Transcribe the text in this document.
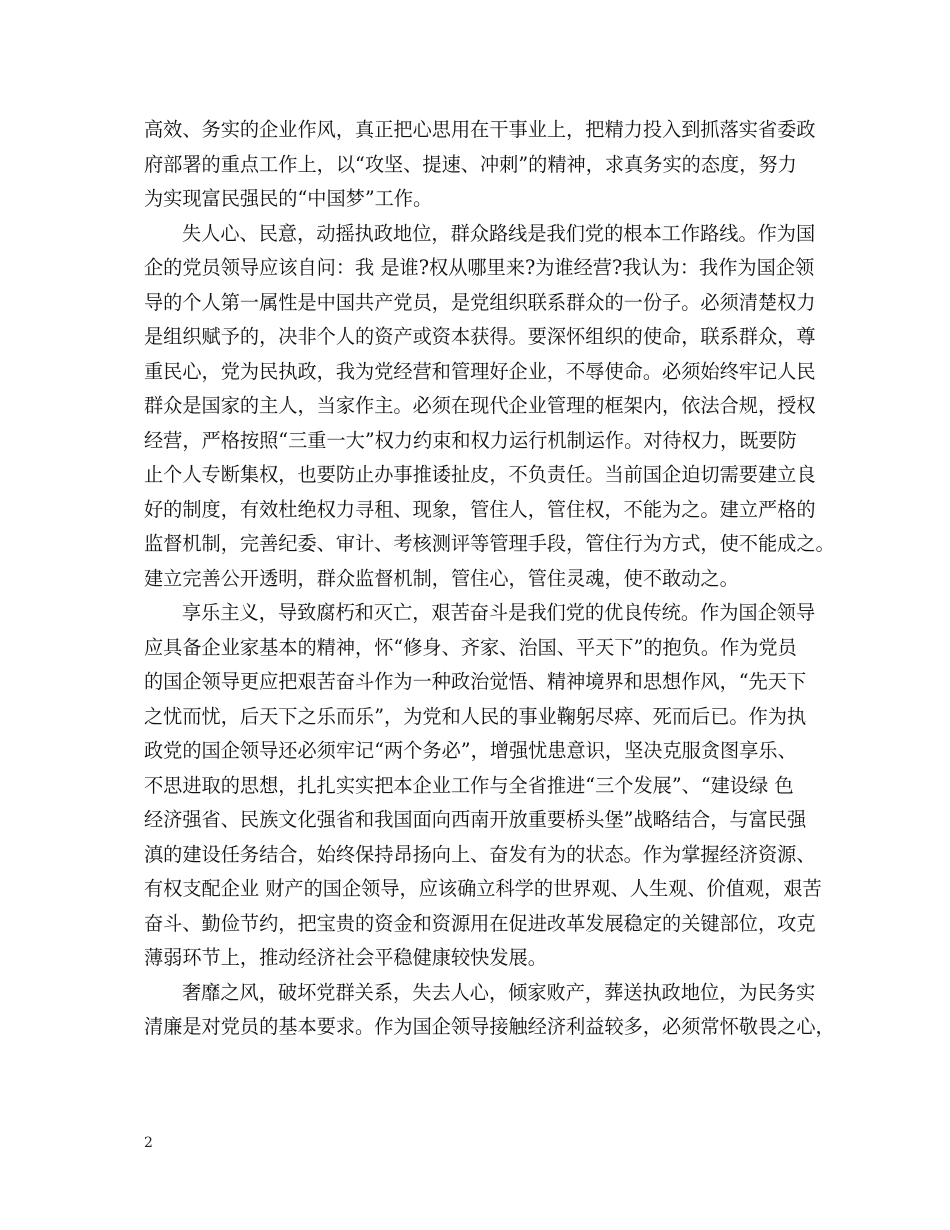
高效、务实的企业作风，真正把心思用在干事业上，把精力投入到抓落实省委政
府部署的重点工作上，以“攻坚、提速、冲刺”的精神，求真务实的态度，努力
为实现富民强民的“中国梦”工作。
失人心、民意，动摇执政地位，群众路线是我们党的根本工作路线。作为国
企的党员领导应该自问：我 是谁?权从哪里来?为谁经营?我认为：我作为国企领
导的个人第一属性是中国共产党员，是党组织联系群众的一份子。必须清楚权力
是组织赋予的，决非个人的资产或资本获得。要深怀组织的使命，联系群众，尊
重民心，党为民执政，我为党经营和管理好企业，不辱使命。必须始终牢记人民
群众是国家的主人，当家作主。必须在现代企业管理的框架内，依法合规，授权
经营，严格按照“三重一大”权力约束和权力运行机制运作。对待权力，既要防
止个人专断集权，也要防止办事推诿扯皮，不负责任。当前国企迫切需要建立良
好的制度，有效杜绝权力寻租、现象，管住人，管住权，不能为之。建立严格的
监督机制，完善纪委、审计、考核测评等管理手段，管住行为方式，使不能成之。
建立完善公开透明，群众监督机制，管住心，管住灵魂，使不敢动之。
享乐主义，导致腐朽和灭亡，艰苦奋斗是我们党的优良传统。作为国企领导
应具备企业家基本的精神，怀“修身、齐家、治国、平天下”的抱负。作为党员
的国企领导更应把艰苦奋斗作为一种政治觉悟、精神境界和思想作风，“先天下
之忧而忧，后天下之乐而乐”，为党和人民的事业鞠躬尽瘁、死而后已。作为执
政党的国企领导还必须牢记“两个务必”，增强忧患意识，坚决克服贪图享乐、
不思进取的思想，扎扎实实把本企业工作与全省推进“三个发展”、“建设绿 色
经济强省、民族文化强省和我国面向西南开放重要桥头堡”战略结合，与富民强
滇的建设任务结合，始终保持昂扬向上、奋发有为的状态。作为掌握经济资源、
有权支配企业 财产的国企领导，应该确立科学的世界观、人生观、价值观，艰苦
奋斗、勤俭节约，把宝贵的资金和资源用在促进改革发展稳定的关键部位，攻克
薄弱环节上，推动经济社会平稳健康较快发展。
奢靡之风，破坏党群关系，失去人心，倾家败产，葬送执政地位，为民务实
清廉是对党员的基本要求。作为国企领导接触经济利益较多，必须常怀敬畏之心，
2
